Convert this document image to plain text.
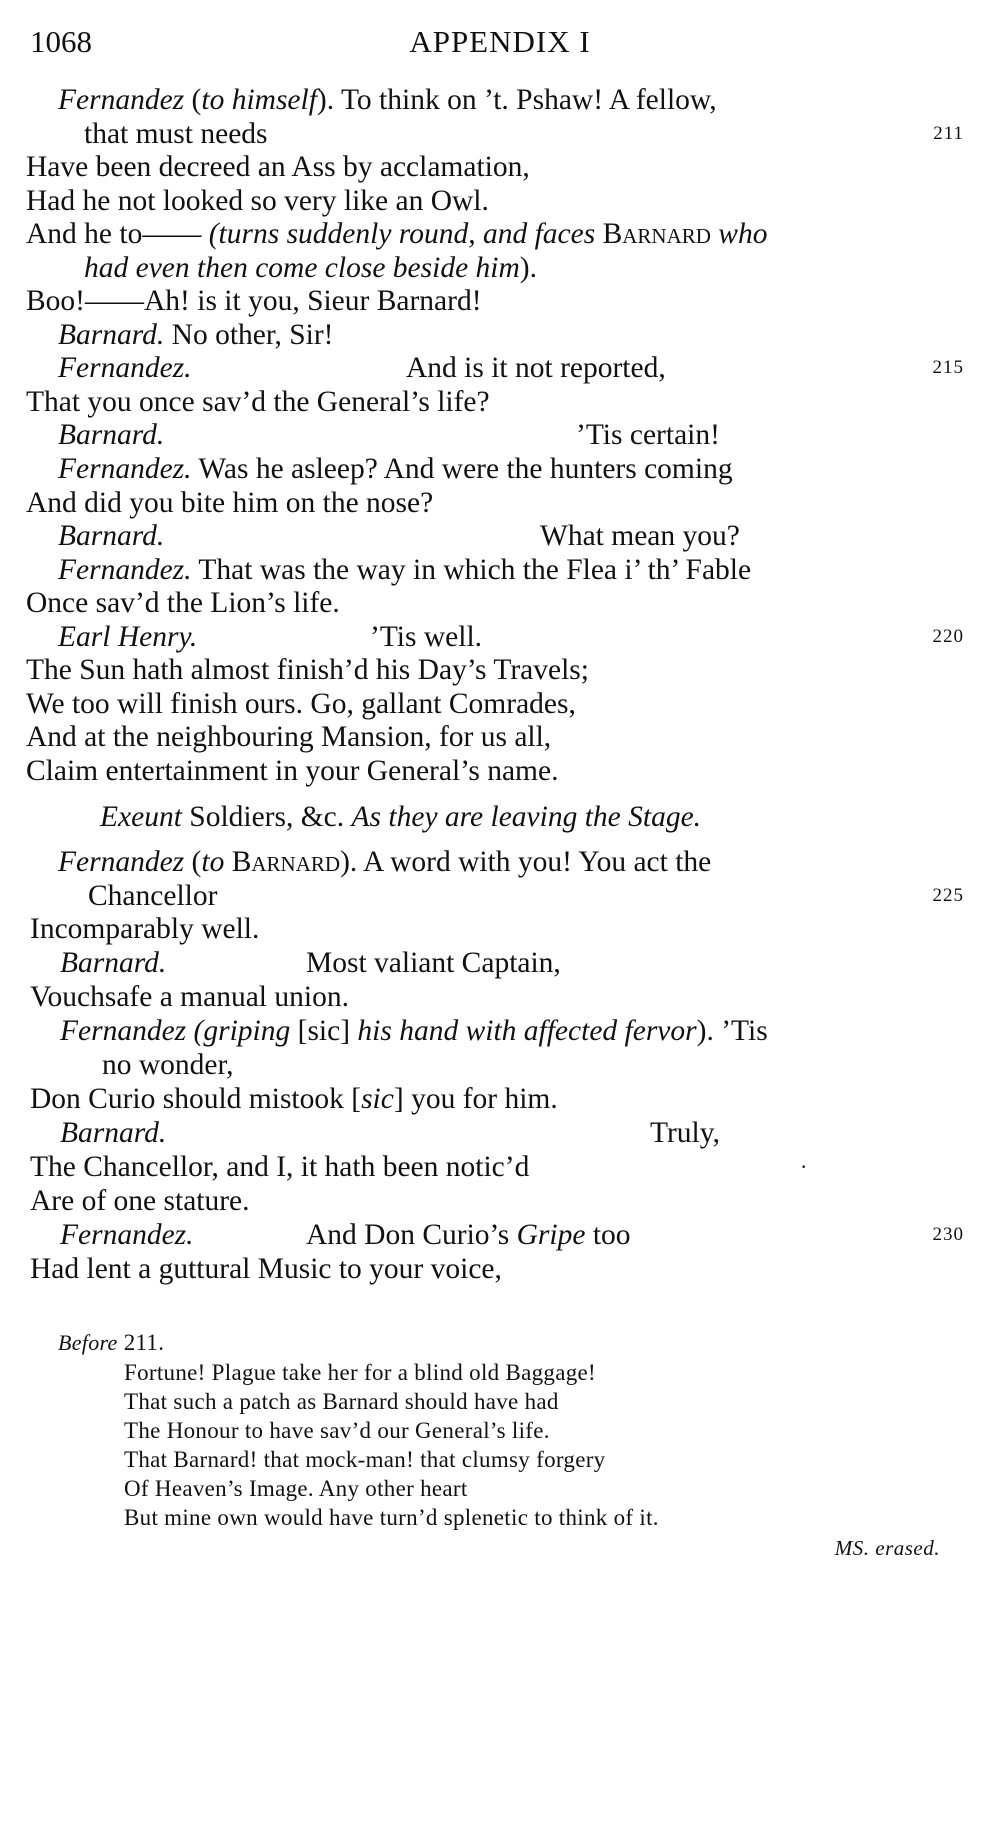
APPENDIX I
1068
Fernandez (to himself). To think on ’t. Pshaw! A fellow,
that must needs	211
Have been decreed an Ass by acclamation,
Had he not looked so very like an Owl.
And he to—— (turns suddenly round, and faces Barnard who
had even then come close beside him).
Boo!——Ah! is it you, Sieur Barnard!
Barnard. No other, Sir!
Fernandez.	And is it not reported,	215
That you once sav’d the General’s life?
Barnard.	’Tis certain!
Fernandez. Was he asleep? And were the hunters coming
And did you bite him on the nose?
Barnard.	What mean you?
Fernandez. That was the way in which the Flea i’ th’ Fable
Once sav’d the Lion’s life.
Earl Henry.	’Tis well.	220
The Sun hath almost finish’d his Day’s Travels;
We too will finish ours. Go, gallant Comrades,
And at the neighbouring Mansion, for us all,
Claim entertainment in your General’s name.
Exeunt Soldiers, &c. As they are leaving the Stage.
Fernandez (to Barnard). A word with you! You act the
Chancellor	225
Incomparably well.
Barnard.	Most valiant Captain,
Vouchsafe a manual union.
Fernandez (griping [sic] his hand with affected fervor). ’Tis
no wonder,
Don Curio should mistook [sic] you for him.
Barnard.	Truly,
The Chancellor, and I, it hath been notic’d	·
Are of one stature.
Fernandez.	And Don Curio’s Gripe too	230
Had lent a guttural Music to your voice,
Before 211.
Fortune! Plague take her for a blind old Baggage!
That such a patch as Barnard should have had
The Honour to have sav’d our General’s life.
That Barnard! that mock-man! that clumsy forgery
Of Heaven’s Image. Any other heart
But mine own would have turn’d splenetic to think of it.
MS. erased.
